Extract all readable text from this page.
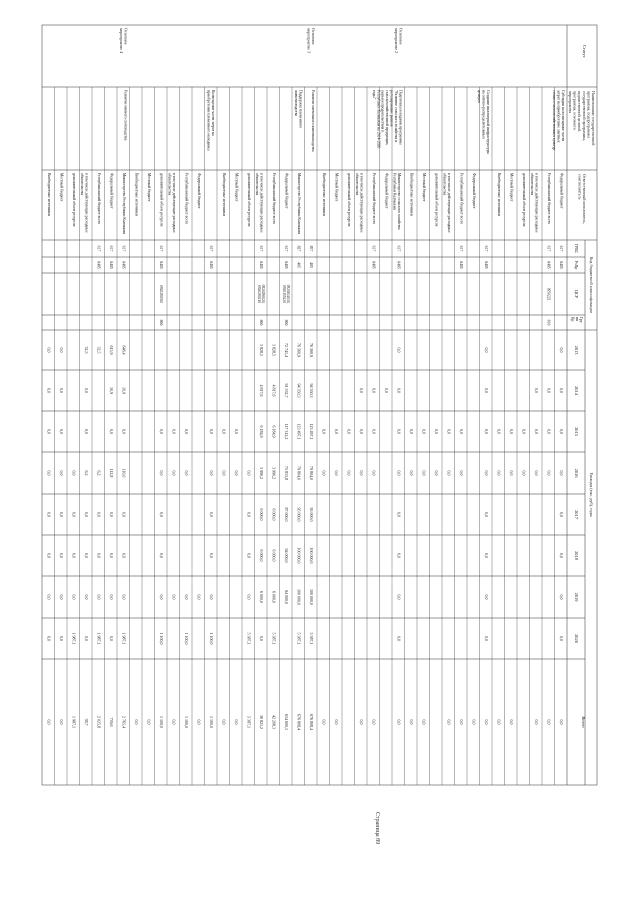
Статус
Наименование государственнойпрограммы, подпрограммыгосударственной программы,ведомственной целевойпрограммы, основногомероприятия
Ответственный исполнитель,соисполнитель
Код бюджетной классификации
ГРБС
РзПр
ЦСР
ГруппВр
Расходы (тыс. руб), годы
2013
2014
2015
2016
2017
2018
2019
2020
Всего
Субсидии на возмещение частизатрат на приобретение элитныхсемян сельскохозяйственных культур
Федеральный бюджет
617
0405
0,0
0,0
0,0
0,0
0,0
0,0
0,0
0,0
0,0
Республиканский бюджет всего
617
0405
0950222
810
0,0
0,0
0,0
0,0
в том числе действующие расходныеобязательства
0,0
0,0
0,0
0,0
дополнительный объем ресурсов
0,0
0,0
Местный бюджет
0,0
0,0
0,0
Внебюджетные источники
0,0
0,0
0,0
Создание инженерной инфраструктурына оптово-распределительныхцентрах
617
0405
0,0
0,0
0,0
0,0
0,0
0,0
0,0
0,0
0,0
Федеральный бюджет
0,0
Республиканский бюджет всего
617
0405
0,0
0,0
0,0
в том числе действующие расходныеобязательства
0,0
0,0
0,0
дополнительный объем ресурсов
0,0
0,0
Местный бюджет
0,0
0,0
0,0
Внебюджетные источники
0,0
0,0
0,0
Основноемероприятие 2
Подготовка и издание программы"Развитие сельского хозяйства ирегулирование рынковсельскохозяйственной продукции,сырья и продовольствия вРеспублике Калмыкия на 2014-2020годы"
Министерство сельского хозяйстваРеспублики Калмыкия
617
0405
0,0
0,0
0,0
0,0
0,0
0,0
0,0
0,0
0,0
Федеральный бюджет
0,0
Республиканский бюджет всего
617
0405
0,0
0,0
0,0
0,0
в том числе действующие расходныеобязательства
0,0
0,0
0,0
0,0
дополнительный объем ресурсов
0,0
0,0
Местный бюджет
0,0
0,0
0,0
Внебюджетные источники
0,0
0,0
0,0
Основноемероприятие 3
Развитие племенного животноводства
857
405
76 560,9
94 350,3
123 497,1
79 804,0
95 000,0
100 000,0
100 000,0
5 387,1
676 808,4
Поддержка племенногоживотноводства
Министерство Республики Калмыкия
827
405
76 560,9
94 350,3
123 497,1
79 804,0
95 000,0
100 000,0
100 000,0
5 387,1
676 808,4
Федеральный бюджет
617
0405
0920104030,
0920155430
800
72 741,4
91 532,7
117 312,2
75 813,8
87 000,0
94 000,0
94 000,0
634 600,1
Республиканский бюджет всего
3 828,5
4 817,6
6 184,9
3 990,2
6 000,0
6 000,0
6 000,0
5 387,1
42 208,3
в том числе действующие расходныеобязательства
617
0405
0920280020,
0920280210
800
3 828,5
4 817,6
6 184,9
3 990,2
6 000,0
6 000,0
6 000,0
0,0
36 821,2
дополнительный объем ресурсов
0,0
0,0
0,0
0,0
5 387,1
5 387,1
Местный бюджет
0,0
0,0
0,0
Внебюджетные источники
0,0
0,0
0,0
Возмещение части затрат наприобретение племенного молодняка
617
0405
0,0
0,0
0,0
0,0
0,0
1 100,0
1 100,0
Федеральный бюджет
0,0
0,0
Республиканский бюджет всего
0,0
0,0
0,0
1 100,0
1 100,0
в том числе действующие расходныеобязательства
0,0
0,0
0,0
0,0
дополнительный объем ресурсов
617
0405
0920280350
800
0,0
0,0
0,0
0,0
0,0
1 100,0
1 100,0
Местный бюджет
0,0
Внебюджетные источники
0,0
Основноемероприятие 4
Развитие мясного скотоводства
Министерство Республики Калмыкия
617
0405
648,4
10,9
0,0
110,0
0,0
0,0
0,0
1 987,1
2 765,4
Федеральный бюджет
617
0405
615,9
10,9
0,0
112,8
0,0
0,0
0,0
0,0
739,6
Республиканский бюджет всего
617
0405
32,5
6,2
0,0
0,0
0,0
1 987,1
2 025,8
в том числе действующие расходныеобязательства
32,5
0,0
0,0
6,2
0,0
0,0
0,0
0,0
38,7
дополнительный объем ресурсов
0,0
0,0
0,0
0,0
1 987,1
1 987,1
Местный бюджет
0,0
0,0
0,0
0,0
0,0
0,0
0,0
0,0
0,0
Внебюджетные источники
0,0
0,0
0,0
0,0
0,0
0,0
0,0
0,0
0,0
Страница 89
·
